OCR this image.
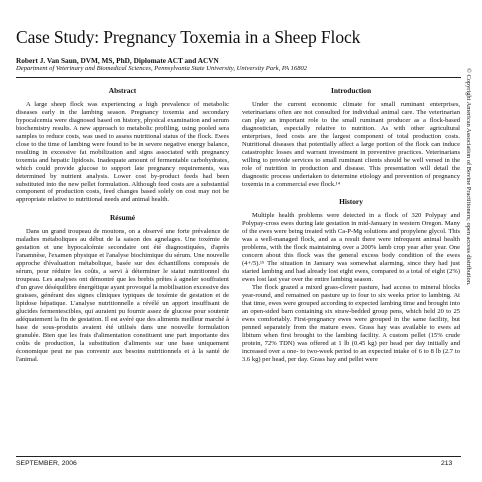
Case Study: Pregnancy Toxemia in a Sheep Flock
Robert J. Van Saun, DVM, MS, PhD, Diplomate ACT and ACVN
Department of Veterinary and Biomedical Sciences, Pennsylvania State University, University Park, PA 16802
Abstract

A large sheep flock was experiencing a high prevalence of metabolic diseases early in the lambing season. Pregnancy toxemia and secondary hypocalcemia were diagnosed based on history, physical examination and serum biochemistry results. A new approach to metabolic profiling, using pooled sera samples to reduce costs, was used to assess nutritional status of the flock. Ewes close to the time of lambing were found to be in severe negative energy balance, resulting in excessive fat mobilization and signs associated with pregnancy toxemia and hepatic lipidosis. Inadequate amount of fermentable carbohydrates, which could provide glucose to support late pregnancy requirements, was determined by nutrient analysis. Lower cost by-product feeds had been substituted into the new pellet formulation. Although feed costs are a substantial component of production costs, feed changes based solely on cost may not be appropriate relative to nutritional needs and animal health.

Résumé

Dans un grand troupeau de moutons, on a observé une forte prévalence de maladies métaboliques au début de la saison des agnelages. Une toxémie de gestation et une hypocalcémie secondaire ont été diagnostiquées, d'après l'anamnèse, l'examen physique et l'analyse biochimique du sérum. Une nouvelle approche d'évaluation métabolique, basée sur des échantillons composés de sérum, pour réduire les coûts, a servi à déterminer le statut nutritionnel du troupeau. Les analyses ont démontré que les brebis prêtes à agneler souffraient d'un grave déséquilibre énergétique ayant provoqué la mobilisation excessive des graisses, générant des signes cliniques typiques de toxémie de gestation et de lipidose hépatique. L'analyse nutritionnelle a révélé un apport insuffisant de glucides fermentescibles, qui auraient pu fournir assez de glucose pour soutenir adéquatement la fin de gestation. Il est avéré que des aliments meilleur marché à base de sous-produits avaient été utilisés dans une nouvelle formulation granulée. Bien que les frais d'alimentation constituent une part importante des coûts de production, la substitution d'aliments sur une base uniquement économique peut ne pas convenir aux besoins nutritionnels et à la santé de l'animal.

Introduction

Under the current economic climate for small ruminant enterprises, veterinarians often are not consulted for individual animal care. The veterinarian can play an important role to the small ruminant producer as a flock-based diagnostician, especially relative to nutrition. As with other agricultural enterprises, feed costs are the largest component of total production costs. Nutritional diseases that potentially affect a large portion of the flock can induce catastrophic losses and warrant investment in preventive practices. Veterinarians willing to provide services to small ruminant clients should be well versed in the role of nutrition in production and disease. This presentation will detail the diagnostic process undertaken to determine etiology and prevention of pregnancy toxemia in a commercial ewe flock.¹⁴

History

Multiple health problems were detected in a flock of 320 Polypay and Polypay-cross ewes during late gestation in mid-January in western Oregon. Many of the ewes were being treated with Ca-P-Mg solutions and propylene glycol. This was a well-managed flock, and as a result there were infrequent animal health problems, with the flock maintaining over a 200% lamb crop year after year. One concern about this flock was the general excess body condition of the ewes (4+/5).¹⁵ The situation in January was somewhat alarming, since they had just started lambing and had already lost eight ewes, compared to a total of eight (2%) ewes lost last year over the entire lambing season.

The flock grazed a mixed grass-clover pasture, had access to mineral blocks year-round, and remained on pasture up to four to six weeks prior to lambing. At that time, ewes were grouped according to expected lambing time and brought into an open-sided barn containing six straw-bedded group pens, which held 20 to 25 ewes comfortably. First-pregnancy ewes were grouped in the same facility, but penned separately from the mature ewes. Grass hay was available to ewes ad libitum when first brought to the lambing facility. A custom pellet (15% crude protein, 72% TDN) was offered at 1 lb (0.45 kg) per head per day initially and increased over a one- to two-week period to an expected intake of 6 to 8 lb (2.7 to 3.6 kg) per head, per day. Grass hay and pellet were

© Copyright American Association of Bovine Practitioners; open access distribution.
SEPTEMBER, 2006	213
